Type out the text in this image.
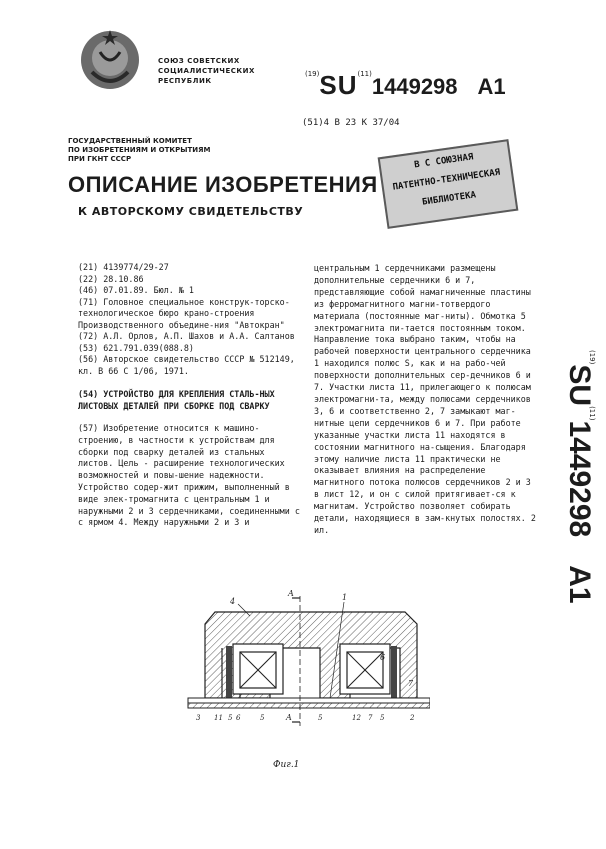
СОЮЗ СОВЕТСКИХ
СОЦИАЛИСТИЧЕСКИХ
РЕСПУБЛИК
$^{(19)}$SU$^{(11)}$1449298 A1
(51)4 B 23 K 37/04
ГОСУДАРСТВЕННЫЙ КОМИТЕТ
ПО ИЗОБРЕТЕНИЯМ И ОТКРЫТИЯМ
ПРИ ГКНТ СССР
ОПИСАНИЕ ИЗОБРЕТЕНИЯ
К АВТОРСКОМУ СВИДЕТЕЛЬСТВУ
В С СОЮЗНАЯ
ПАТЕНТНО-ТЕХНИЧЕСКАЯ
БИБЛИОТЕКА
(21) 4139774/29-27
(22) 28.10.86
(46) 07.01.89. Бюл. № 1
(71) Головное специальное конструк-торско-технологическое бюро крано-строения Производственного объедине-ния "Автокран"
(72) А.Л. Орлов, А.П. Шахов и А.А. Салтанов
(53) 621.791.039(088.8)
(56) Авторское свидетельство СССР № 512149, кл. В 66 С 1/06, 1971.
(54) УСТРОЙСТВО ДЛЯ КРЕПЛЕНИЯ СТАЛЬ-НЫХ ЛИСТОВЫХ ДЕТАЛЕЙ ПРИ СБОРКЕ ПОД СВАРКУ
(57) Изобретение относится к машино-строению, в частности к устройствам для сборки под сварку деталей из стальных листов. Цель - расширение технологических возможностей и повы-шение надежности. Устройство содер-жит прижим, выполненный в виде элек-тромагнита с центральным 1 и наружными 2 и 3 сердечниками, соединенными с с ярмом 4. Между наружными 2 и 3 и
центральным 1 сердечниками размещены дополнительные сердечники 6 и 7, представляющие собой намагниченные пластины из ферромагнитного магни-тотвердого материала (постоянные маг-ниты). Обмотка 5 электромагнита пи-тается постоянным током. Направление тока выбрано таким, чтобы на рабочей поверхности центрального сердечника 1 находился полюс S, как и на рабо-чей поверхности дополнительных сер-дечников 6 и 7. Участки листа 11, прилегающего к полюсам электромагни-та, между полюсами сердечников 3, 6 и соответственно 2, 7 замыкают маг-нитные цепи сердечников 6 и 7. При работе указанные участки листа 11 находятся в состоянии магнитного на-сыщения. Благодаря этому наличие листа 11 практически не оказывает влияния на распределение магнитного потока полюсов сердечников 2 и 3 в лист 12, и он с силой притягивает-ся к магнитам. Устройство позволяет собирать детали, находящиеся в зам-кнутых полостях. 2 ил.
$^{(19)}$SU$^{(11)}$1449298A1
4
A	1
6
7
3 11 5 6	5	A	5	12 7 5	2
Фиг.1
